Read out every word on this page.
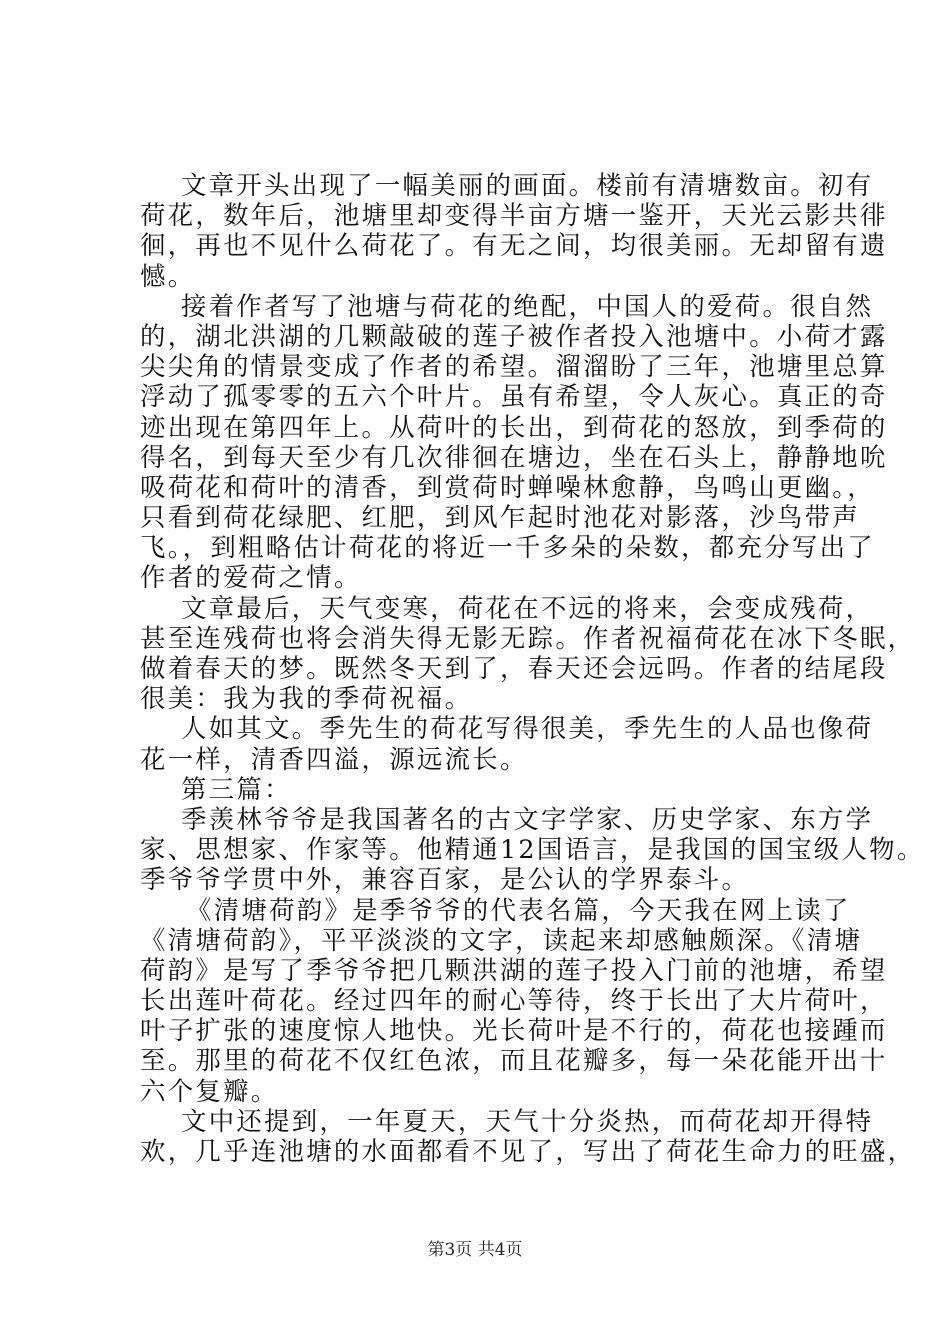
文章开头出现了一幅美丽的画面。楼前有清塘数亩。初有
荷花，数年后，池塘里却变得半亩方塘一鉴开，天光云影共徘
徊，再也不见什么荷花了。有无之间，均很美丽。无却留有遗
憾。
接着作者写了池塘与荷花的绝配，中国人的爱荷。很自然
的，湖北洪湖的几颗敲破的莲子被作者投入池塘中。小荷才露
尖尖角的情景变成了作者的希望。溜溜盼了三年，池塘里总算
浮动了孤零零的五六个叶片。虽有希望，令人灰心。真正的奇
迹出现在第四年上。从荷叶的长出，到荷花的怒放，到季荷的
得名，到每天至少有几次徘徊在塘边，坐在石头上，静静地吮
吸荷花和荷叶的清香，到赏荷时蝉噪林愈静，鸟鸣山更幽。，
只看到荷花绿肥、红肥，到风乍起时池花对影落，沙鸟带声
飞。，到粗略估计荷花的将近一千多朵的朵数，都充分写出了
作者的爱荷之情。
文章最后，天气变寒，荷花在不远的将来，会变成残荷，
甚至连残荷也将会消失得无影无踪。作者祝福荷花在冰下冬眠，
做着春天的梦。既然冬天到了，春天还会远吗。作者的结尾段
很美：我为我的季荷祝福。
人如其文。季先生的荷花写得很美，季先生的人品也像荷
花一样，清香四溢，源远流长。
第三篇：
季羡林爷爷是我国著名的古文字学家、历史学家、东方学
家、思想家、作家等。他精通12国语言，是我国的国宝级人物。
季爷爷学贯中外，兼容百家，是公认的学界泰斗。
《清塘荷韵》是季爷爷的代表名篇，今天我在网上读了
《清塘荷韵》，平平淡淡的文字，读起来却感触颇深。《清塘
荷韵》是写了季爷爷把几颗洪湖的莲子投入门前的池塘，希望
长出莲叶荷花。经过四年的耐心等待，终于长出了大片荷叶，
叶子扩张的速度惊人地快。光长荷叶是不行的，荷花也接踵而
至。那里的荷花不仅红色浓，而且花瓣多，每一朵花能开出十
六个复瓣。
文中还提到，一年夏天，天气十分炎热，而荷花却开得特
欢，几乎连池塘的水面都看不见了，写出了荷花生命力的旺盛，
第3页 共4页
